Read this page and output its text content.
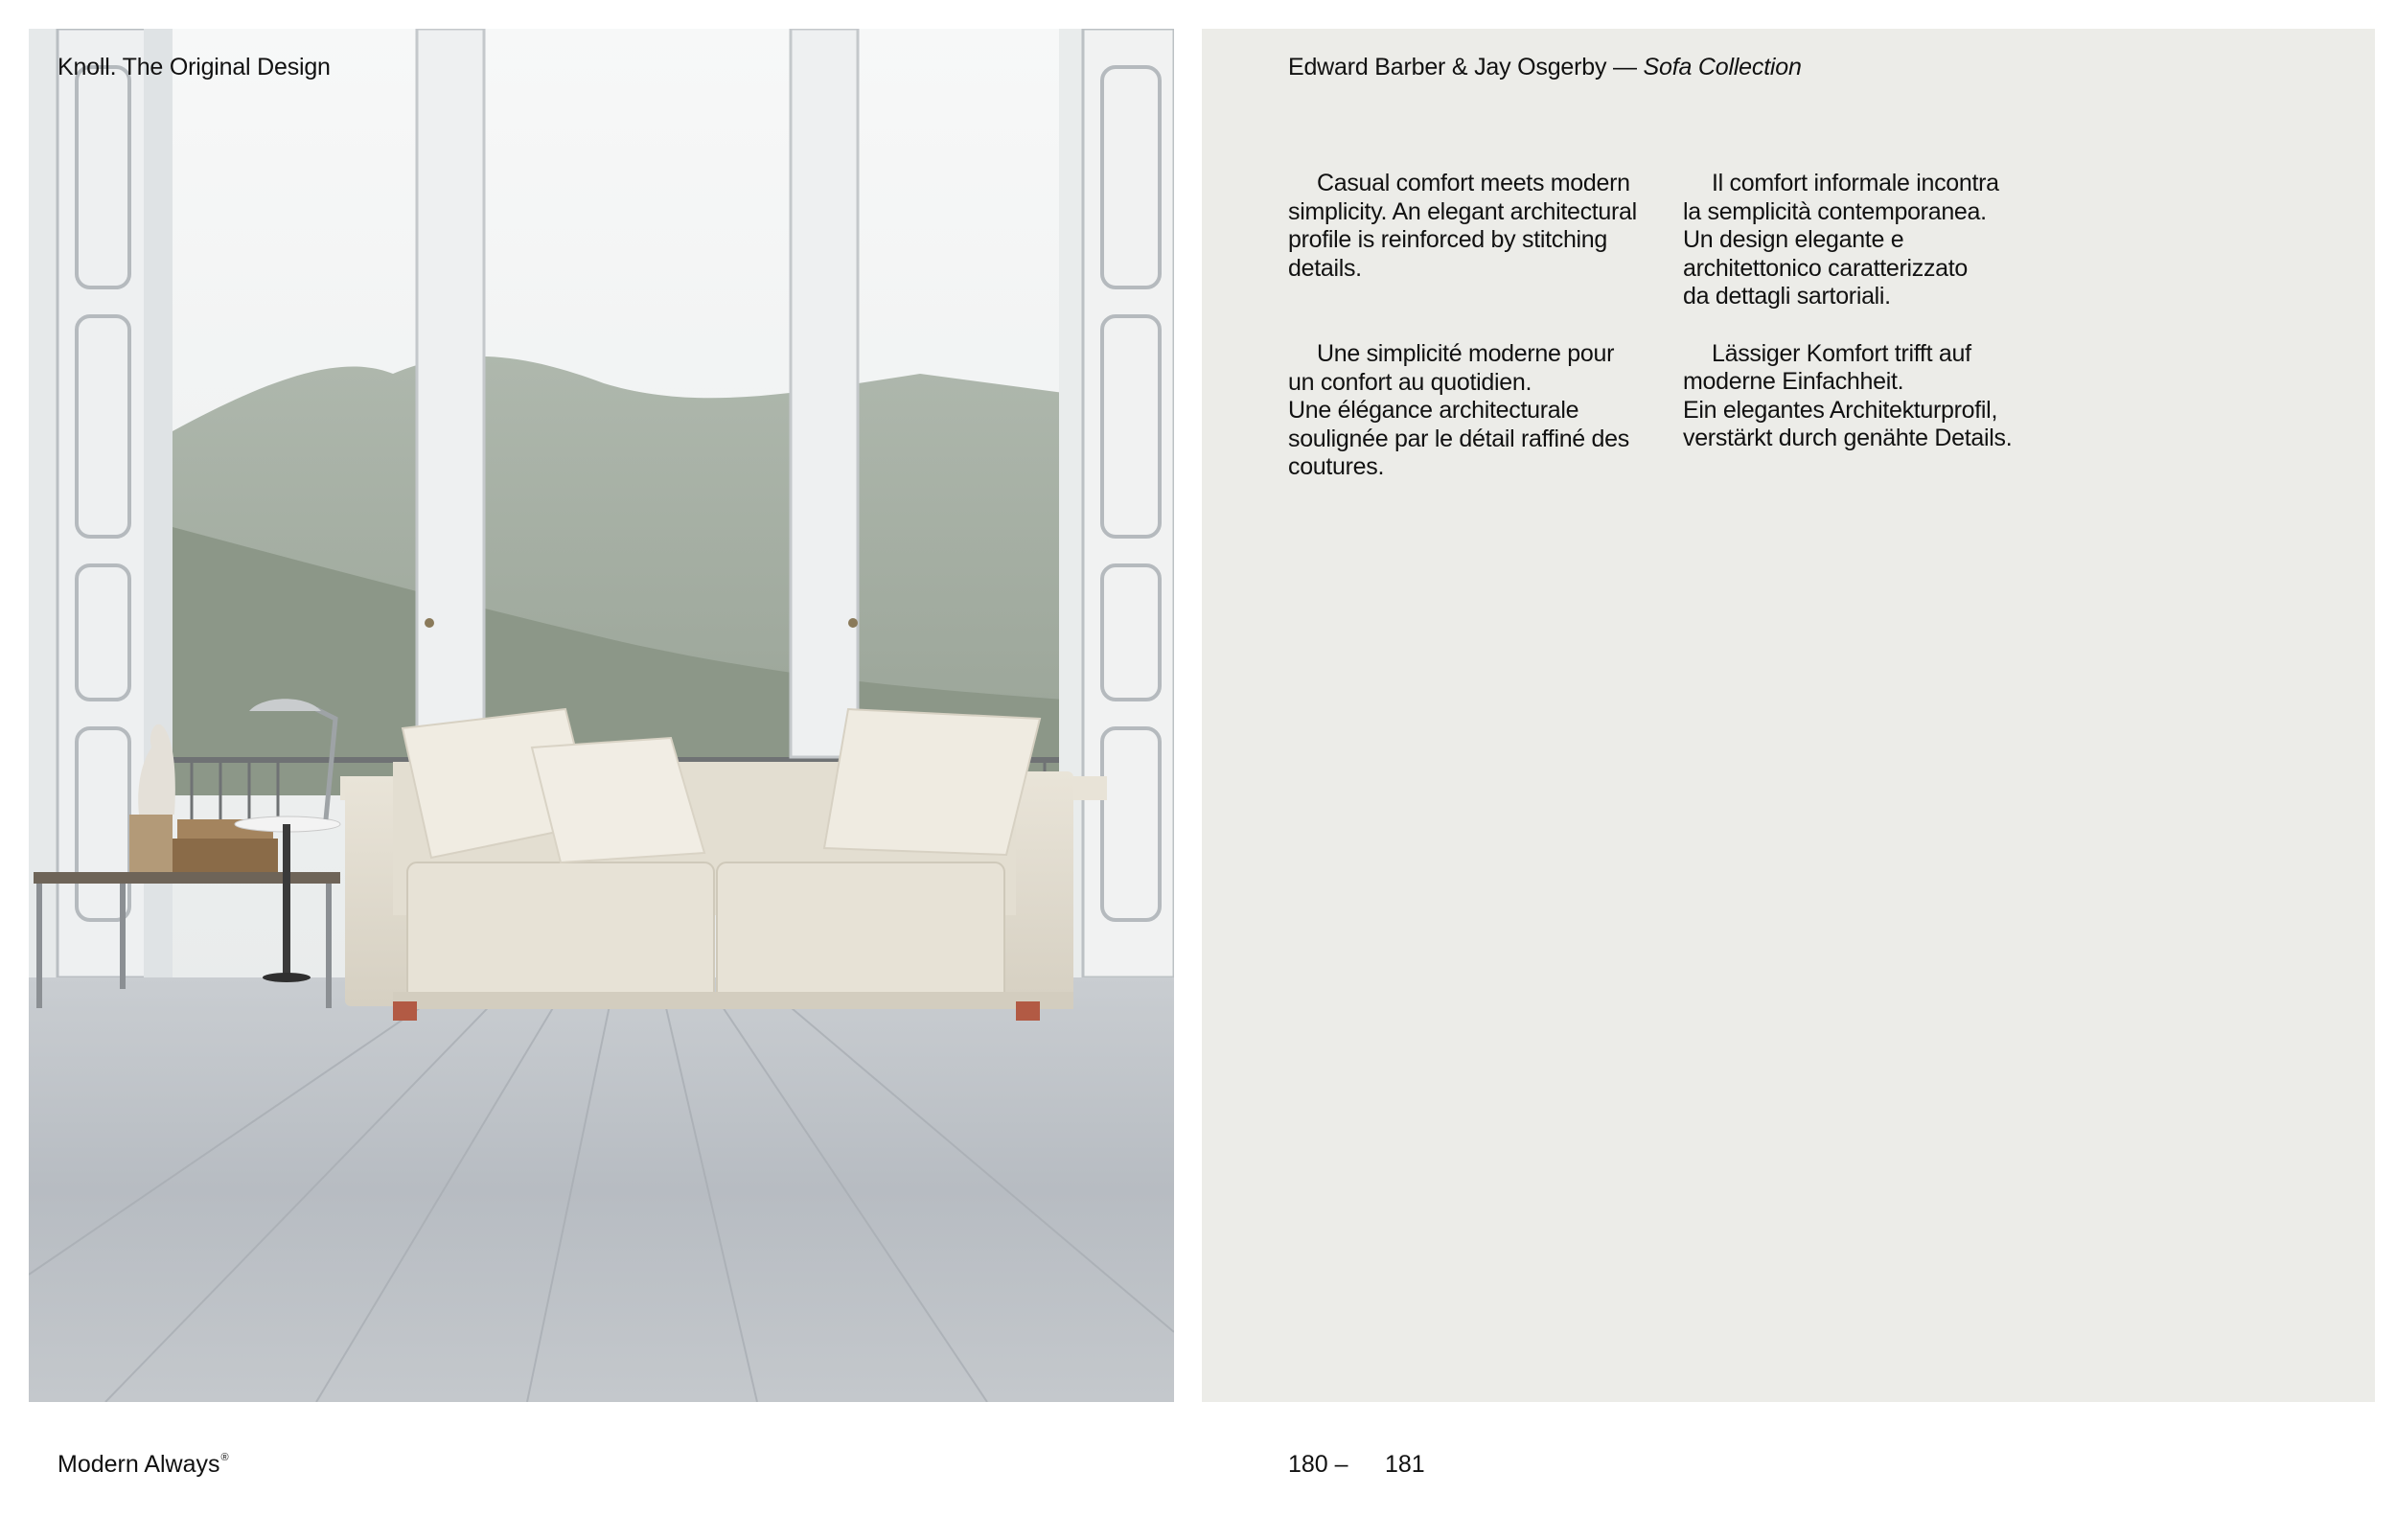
Knoll. The Original Design	Edward Barber & Jay Osgerby — Sofa Collection

Casual comfort meets modern
simplicity. An elegant architectural
profile is reinforced by stitching
details.

Une simplicité moderne pour
un confort au quotidien.
Une élégance architecturale
soulignée par le détail raffiné des
coutures.

Il comfort informale incontra
la semplicità contemporanea.
Un design elegante e
architettonico caratterizzato
da dettagli sartoriali.

Lässiger Komfort trifft auf
moderne Einfachheit.
Ein elegantes Architekturprofil,
verstärkt durch genähte Details.

Modern Always®	180 – 181
